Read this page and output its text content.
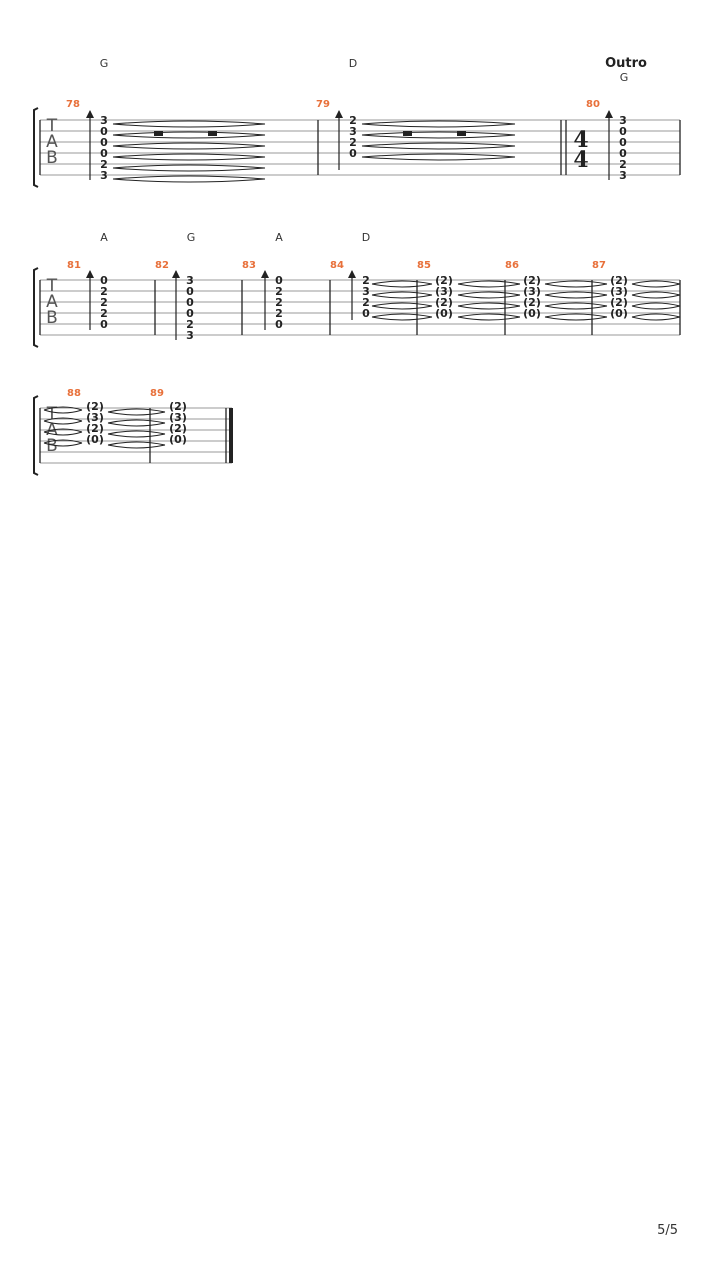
T
A
B
G
78
3
0
0
0
2
3
D
79
2
3
2
0
Outro
G
80
4
4
3
0
0
0
2
3
T
A
B
A
81
0
2
2
2
0
G
82
3
0
0
0
2
3
A
83
0
2
2
2
0
D
84
2
3
2
0
85
(2)
(3)
(2)
(0)
86
(2)
(3)
(2)
(0)
87
(2)
(3)
(2)
(0)
T
A
B
88	89
(2)
(3)
(2)
(0)
(2)
(3)
(2)
(0)
5/5
